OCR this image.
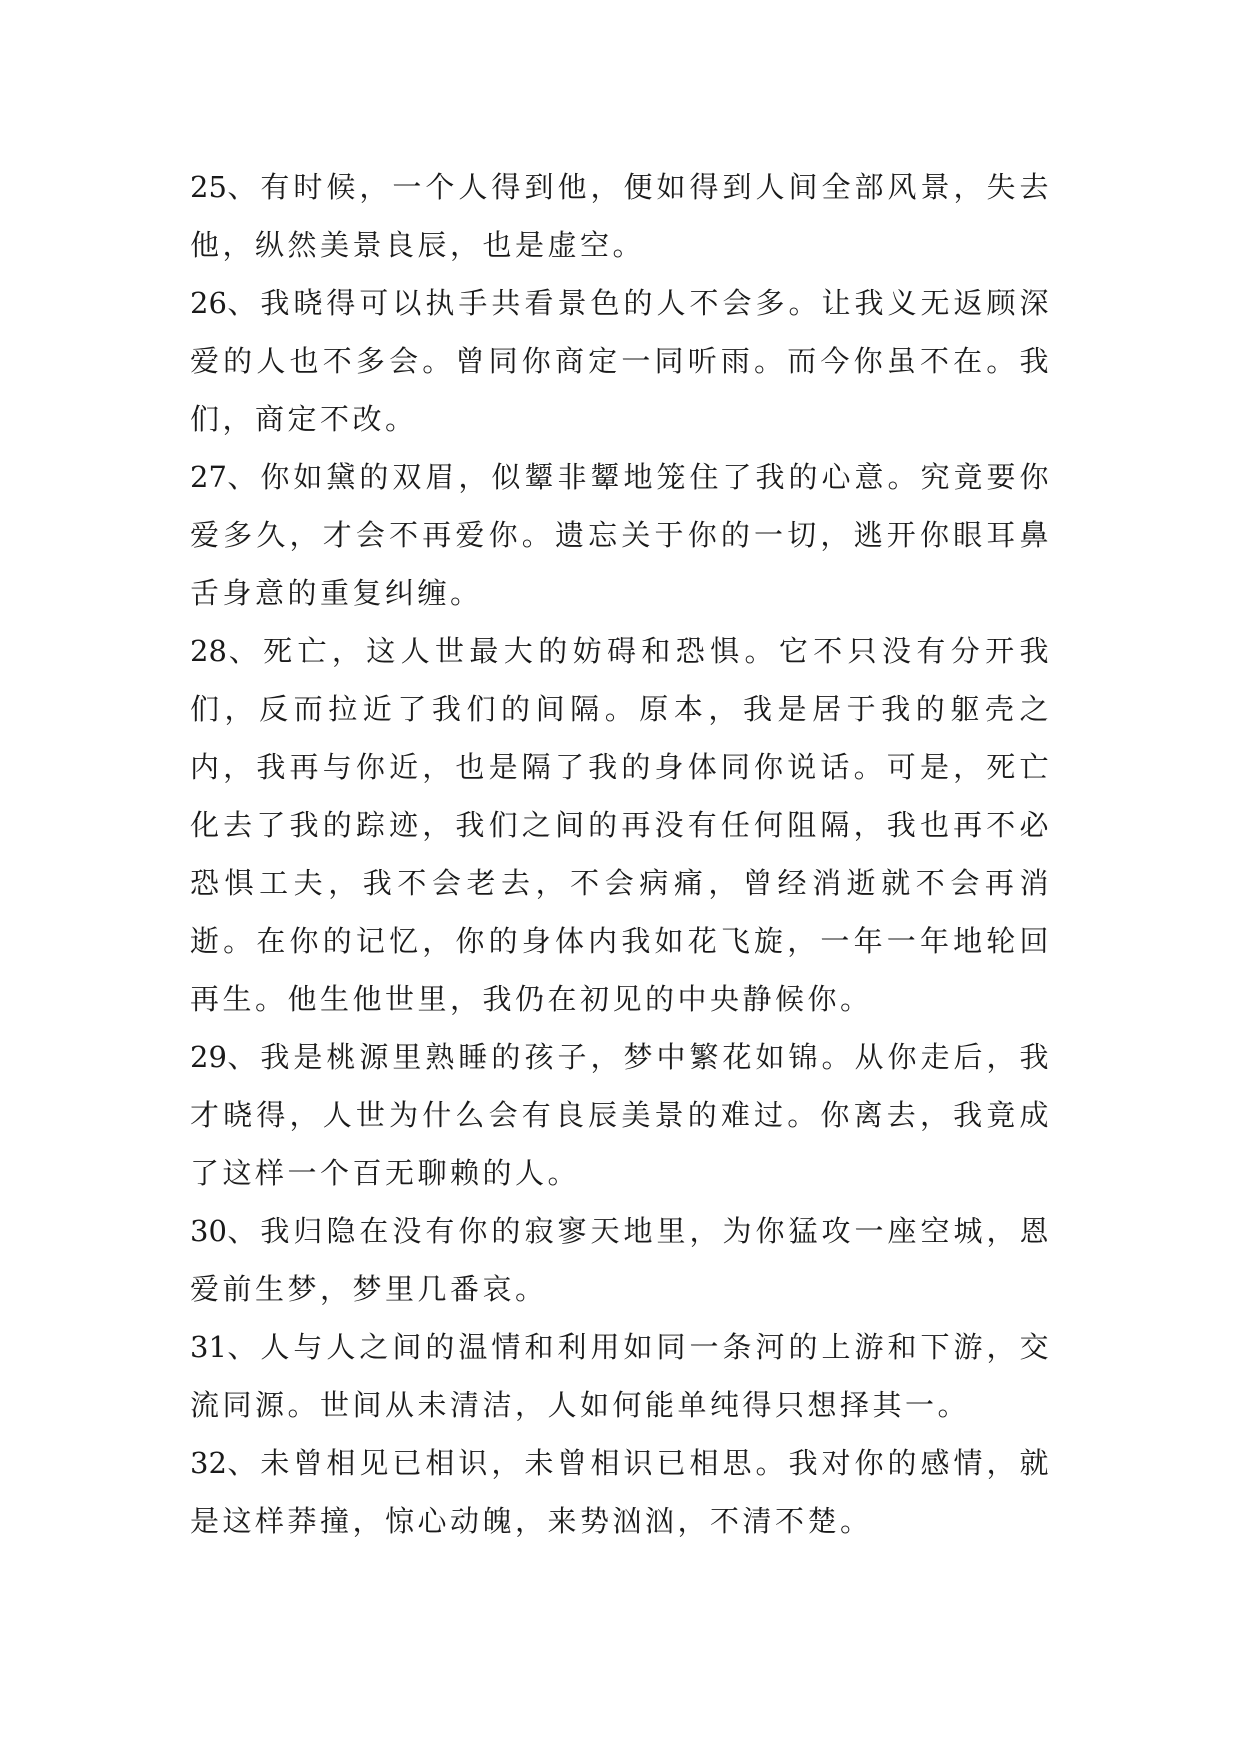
25、有时候，一个人得到他，便如得到人间全部风景，失去他，纵然美景良辰，也是虚空。

26、我晓得可以执手共看景色的人不会多。让我义无返顾深爱的人也不多会。曾同你商定一同听雨。而今你虽不在。我们，商定不改。

27、你如黛的双眉，似颦非颦地笼住了我的心意。究竟要你爱多久，才会不再爱你。遗忘关于你的一切，逃开你眼耳鼻舌身意的重复纠缠。

28、死亡，这人世最大的妨碍和恐惧。它不只没有分开我们，反而拉近了我们的间隔。原本，我是居于我的躯壳之内，我再与你近，也是隔了我的身体同你说话。可是，死亡化去了我的踪迹，我们之间的再没有任何阻隔，我也再不必恐惧工夫，我不会老去，不会病痛，曾经消逝就不会再消逝。在你的记忆，你的身体内我如花飞旋，一年一年地轮回再生。他生他世里，我仍在初见的中央静候你。

29、我是桃源里熟睡的孩子，梦中繁花如锦。从你走后，我才晓得，人世为什么会有良辰美景的难过。你离去，我竟成了这样一个百无聊赖的人。

30、我归隐在没有你的寂寥天地里，为你猛攻一座空城，恩爱前生梦，梦里几番哀。

31、人与人之间的温情和利用如同一条河的上游和下游，交流同源。世间从未清洁，人如何能单纯得只想择其一。

32、未曾相见已相识，未曾相识已相思。我对你的感情，就是这样莽撞，惊心动魄，来势汹汹，不清不楚。
